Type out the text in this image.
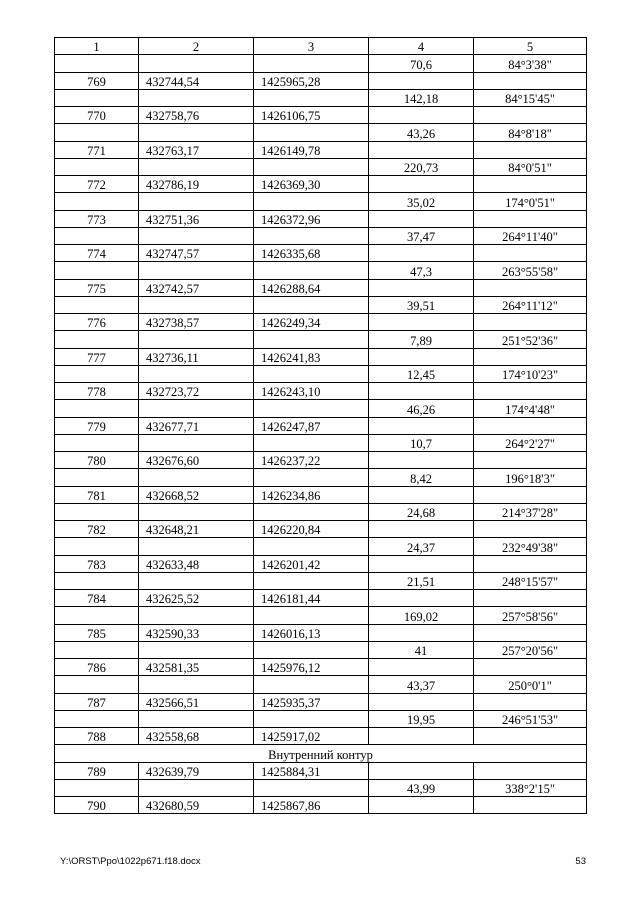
1	2	3	4	5
			70,6	84°3'38"
769	432744,54	1425965,28		
			142,18	84°15'45"
770	432758,76	1426106,75		
			43,26	84°8'18"
771	432763,17	1426149,78		
			220,73	84°0'51"
772	432786,19	1426369,30		
			35,02	174°0'51"
773	432751,36	1426372,96		
			37,47	264°11'40"
774	432747,57	1426335,68		
			47,3	263°55'58"
775	432742,57	1426288,64		
			39,51	264°11'12"
776	432738,57	1426249,34		
			7,89	251°52'36"
777	432736,11	1426241,83		
			12,45	174°10'23"
778	432723,72	1426243,10		
			46,26	174°4'48"
779	432677,71	1426247,87		
			10,7	264°2'27"
780	432676,60	1426237,22		
			8,42	196°18'3"
781	432668,52	1426234,86		
			24,68	214°37'28"
782	432648,21	1426220,84		
			24,37	232°49'38"
783	432633,48	1426201,42		
			21,51	248°15'57"
784	432625,52	1426181,44		
			169,02	257°58'56"
785	432590,33	1426016,13		
			41	257°20'56"
786	432581,35	1425976,12		
			43,37	250°0'1"
787	432566,51	1425935,37		
			19,95	246°51'53"
788	432558,68	1425917,02		
Внутренний контур				
789	432639,79	1425884,31		
			43,99	338°2'15"
790	432680,59	1425867,86		
Y:\ORST\Ppo\1022p671.f18.docx	53
